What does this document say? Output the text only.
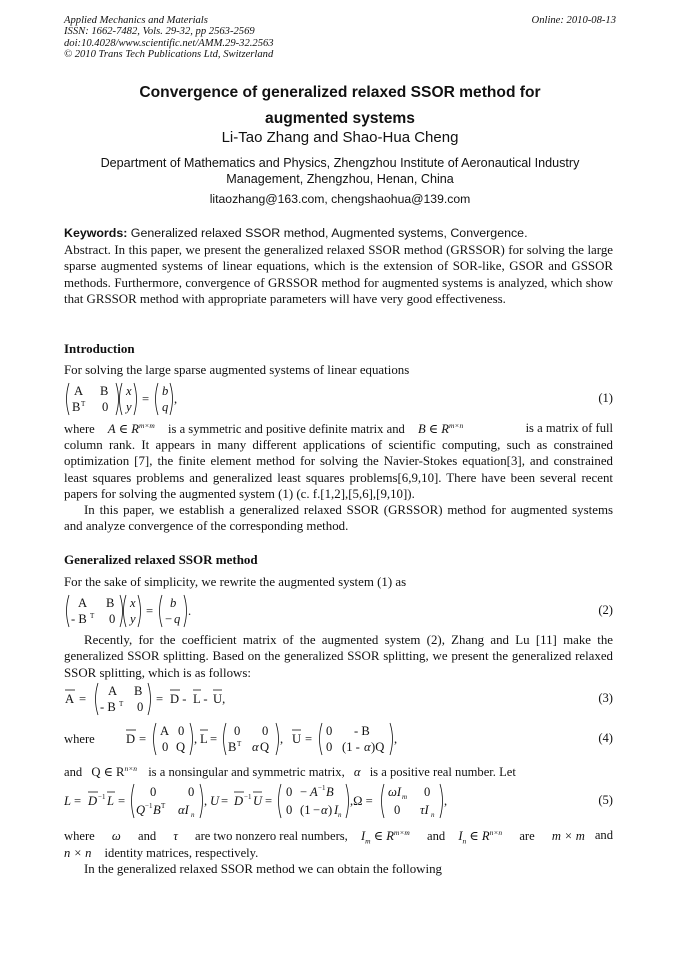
Applied Mechanics and Materials
ISSN: 1662-7482, Vols. 29-32, pp 2563-2569
doi:10.4028/www.scientific.net/AMM.29-32.2563
© 2010 Trans Tech Publications Ltd, Switzerland
Online: 2010-08-13
Convergence of generalized relaxed SSOR method for
augmented systems
Li-Tao Zhang and Shao-Hua Cheng
Department of Mathematics and Physics, Zhengzhou Institute of Aeronautical Industry
Management, Zhengzhou, Henan, China
litaozhang@163.com, chengshaohua@139.com
Keywords: Generalized relaxed SSOR method, Augmented systems, Convergence.

Abstract. In this paper, we present the generalized relaxed SSOR method (GRSSOR) for solving the large sparse augmented systems of linear equations, which is the extension of SOR-like, GSOR and GSSOR methods. Furthermore, convergence of GRSSOR method for augmented systems is analyzed, which show that GRSSOR method with appropriate parameters will have very good effectiveness.

Introduction

For solving the large sparse augmented systems of linear equations

A B
B T 0
x
y
=
b
q
,	(1)
where A ∈ $R^{m\times m}$ is a symmetric and positive definite matrix and B ∈ $R^{m\times n}$	is a matrix of full

column rank. It appears in many different applications of scientific computing, such as constrained optimization [7], the finite element method for solving the Navier-Stokes equation[3], and constrained least squares problems and generalized least squares problems[6,9,10]. There have been several recent papers for solving the augmented system (1) (c. f.[1,2],[5,6],[9,10]).

In this paper, we establish a generalized relaxed SSOR (GRSSOR) method for augmented systems and analyze convergence of the corresponding method.

Generalized relaxed SSOR method

For the sake of simplicity, we rewrite the augmented system (1) as

A B
- B T 0
x
y
=
b
− q
.	(2)

Recently, for the coefficient matrix of the augmented system (2), Zhang and Lu [11] make the generalized SSOR splitting. Based on the generalized SSOR splitting, we present the generalized relaxed SSOR splitting, which is as follows:

A =
A B
- B T 0
= D - L - U,	(3)
where D =
A 0
0 Q
, L =
0 0
B T α Q
, U =
0 - B
0 (1 - α )Q
,	(4)
and Q ∈ $R^{n\times n}$ is a nonsingular and symmetric matrix, α is a positive real number. Let
L = D −1 L =
0	0
Q −1 B T αI n
, U = D −1 U =
0 − A −1 B
0 (1 − α ) I n
,Ω =
ωI m 0
0 τI n
,	(5)
where ω and τ are two nonzero real numbers, $I_m$ ∈ $R^{m\times m}$ and $I_n$ ∈ $R^{n\times n}$ are m × m and
n × n identity matrices, respectively.

In the generalized relaxed SSOR method we can obtain the following
